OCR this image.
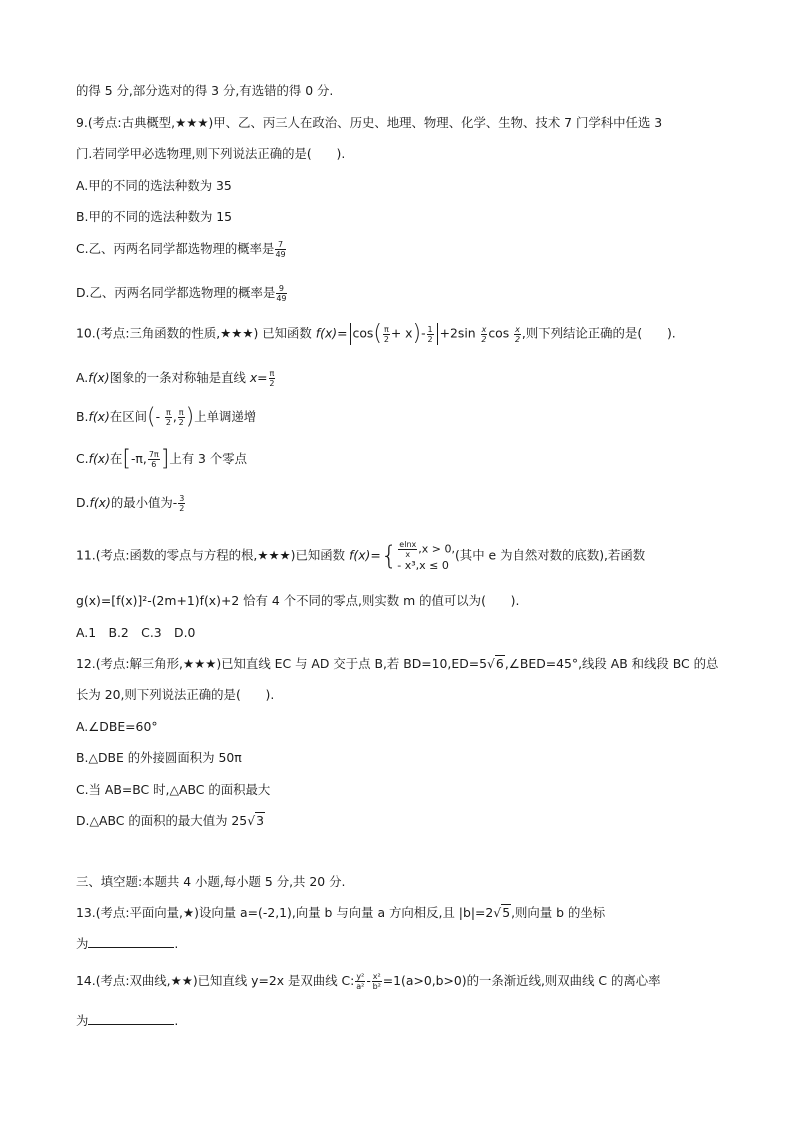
的得 5 分,部分选对的得 3 分,有选错的得 0 分.
9.(考点:古典概型,★★★)甲、乙、丙三人在政治、历史、地理、物理、化学、生物、技术 7 门学科中任选 3
门.若同学甲必选物理,则下列说法正确的是(　　).
A.甲的不同的选法种数为 35
B.甲的不同的选法种数为 15
C.乙、丙两名同学都选物理的概率是 $\frac{7}{49}$
D.乙、丙两名同学都选物理的概率是 $\frac{9}{49}$
10.(考点:三角函数的性质,★★★) 已知函数 $f(x)= \cos( \frac{\pi}{2} + x)- \frac{1}{2} +2\sin \frac{x}{2}$ $\cos \frac{x}{2}$ ,则下列结论正确的是(　　).
A.f(x)图象的一条对称轴是直线 $x= \frac{\pi}{2}$
B.f(x)在区间(- $\frac{\pi}{2}$ , $\frac{\pi}{2}$ )上单调递增
C.f(x)在[-π, $\frac{7\pi}{6}$ ]上有 3 个零点
D.f(x)的最小值为- $\frac{3}{2}$
11.(考点:函数的零点与方程的根,★★★)已知函数 $f(x)=\{ \frac{elnx}{x} ,x > 0$,
- x³,x ≤ 0
(其中 e 为自然对数的底数),若函数
g(x)=[f(x)]²-(2m+1)f(x)+2 恰有 4 个不同的零点,则实数 m 的值可以为(　　).
A.1　B.2　C.3　D.0
12.(考点:解三角形,★★★)已知直线 EC 与 AD 交于点 B,若 BD=10,ED=5√6,∠BED=45°,线段 AB 和线段 BC 的总
长为 20,则下列说法正确的是(　　).
A.∠DBE=60°
B.△DBE 的外接圆面积为 50π
C.当 AB=BC 时,△ABC 的面积最大
D.△ABC 的面积的最大值为 25√3
三、填空题:本题共 4 小题,每小题 5 分,共 20 分.
13.(考点:平面向量,★)设向量 a=(-2,1),向量 b 与向量 a 方向相反,且 |b|=2√5,则向量 b 的坐标
为	.
14.(考点:双曲线,★★)已知直线 y=2x 是双曲线 C: $\frac{\text{y²}}{\text{a²}} - \frac{\text{x²}}{\text{b²}} =1(a>0,b>0)$的一条渐近线,则双曲线 C 的离心率
为	.
